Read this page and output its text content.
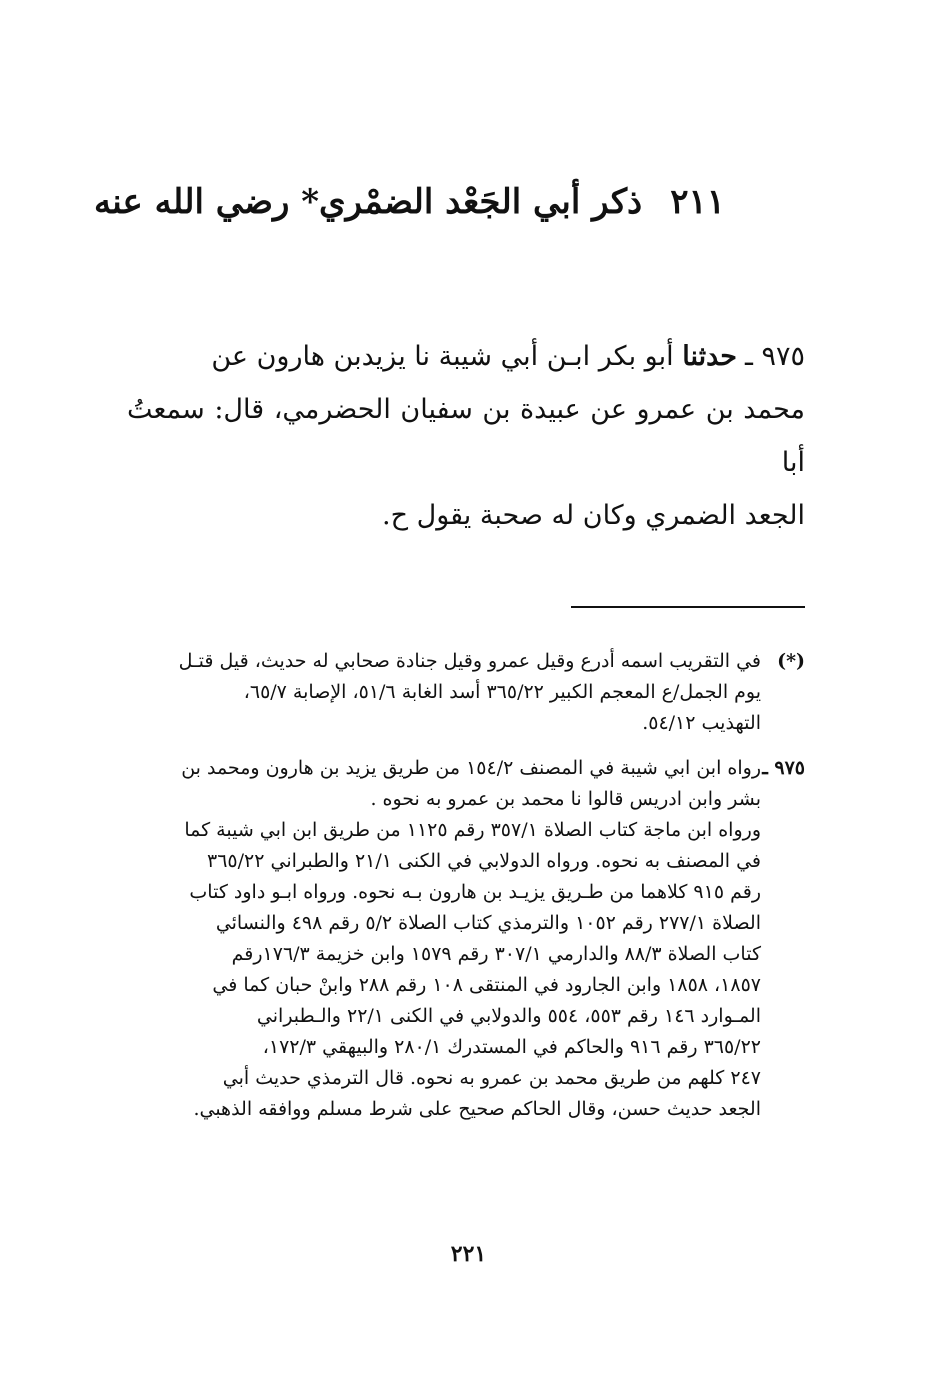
٢١١ذكر أبي الجَعْد الضمْري* رضي الله عنه
٩٧٥ ـحدثنا أبو بكر ابـن أبي شيبة نا يزيدبن هارون عن
محمد بن عمرو عن عبيدة بن سفيان الحضرمي، قال: سمعتُ أبا
الجعد الضمري وكان له صحبة يقول ح.
(*)في التقريب اسمه أدرع وقيل عمرو وقيل جنادة صحابي له حديث، قيل قتـل
يوم الجمل/ع المعجم الكبير ٣٦٥/٢٢ أسد الغابة ٥١/٦، الإصابة ٦٥/٧،
التهذيب ٥٤/١٢.
٩٧٥ ـرواه ابن ابي شيبة في المصنف ١٥٤/٢ من طريق يزيد بن هارون ومحمد بن
بشر وابن ادريس قالوا نا محمد بن عمرو به نحوه .
ورواه ابن ماجة كتاب الصلاة ٣٥٧/١ رقم ١١٢٥ من طريق ابن ابي شيبة كما
في المصنف به نحوه. ورواه الدولابي في الكنى ٢١/١ والطبراني ٣٦٥/٢٢
رقم ٩١٥ كلاهما من طـريق يزيـد بن هارون بـه نحوه. ورواه ابـو داود كتاب
الصلاة ٢٧٧/١ رقم ١٠٥٢ والترمذي كتاب الصلاة ٥/٢ رقم ٤٩٨ والنسائي
كتاب الصلاة ٨٨/٣ والدارمي ٣٠٧/١ رقم ١٥٧٩ وابن خزيمة ١٧٦/٣رقم
١٨٥٧، ١٨٥٨ وابن الجارود في المنتقى ١٠٨ رقم ٢٨٨ وابنْ حبان كما في
المـوارد ١٤٦ رقم ٥٥٣، ٥٥٤ والدولابي في الكنى ٢٢/١ والـطبراني
٣٦٥/٢٢ رقم ٩١٦ والحاكم في المستدرك ٢٨٠/١ والبيهقي ١٧٢/٣،
٢٤٧ كلهم من طريق محمد بن عمرو به نحوه. قال الترمذي حديث أبي
الجعد حديث حسن، وقال الحاكم صحيح على شرط مسلم ووافقه الذهبي.
٢٢١
